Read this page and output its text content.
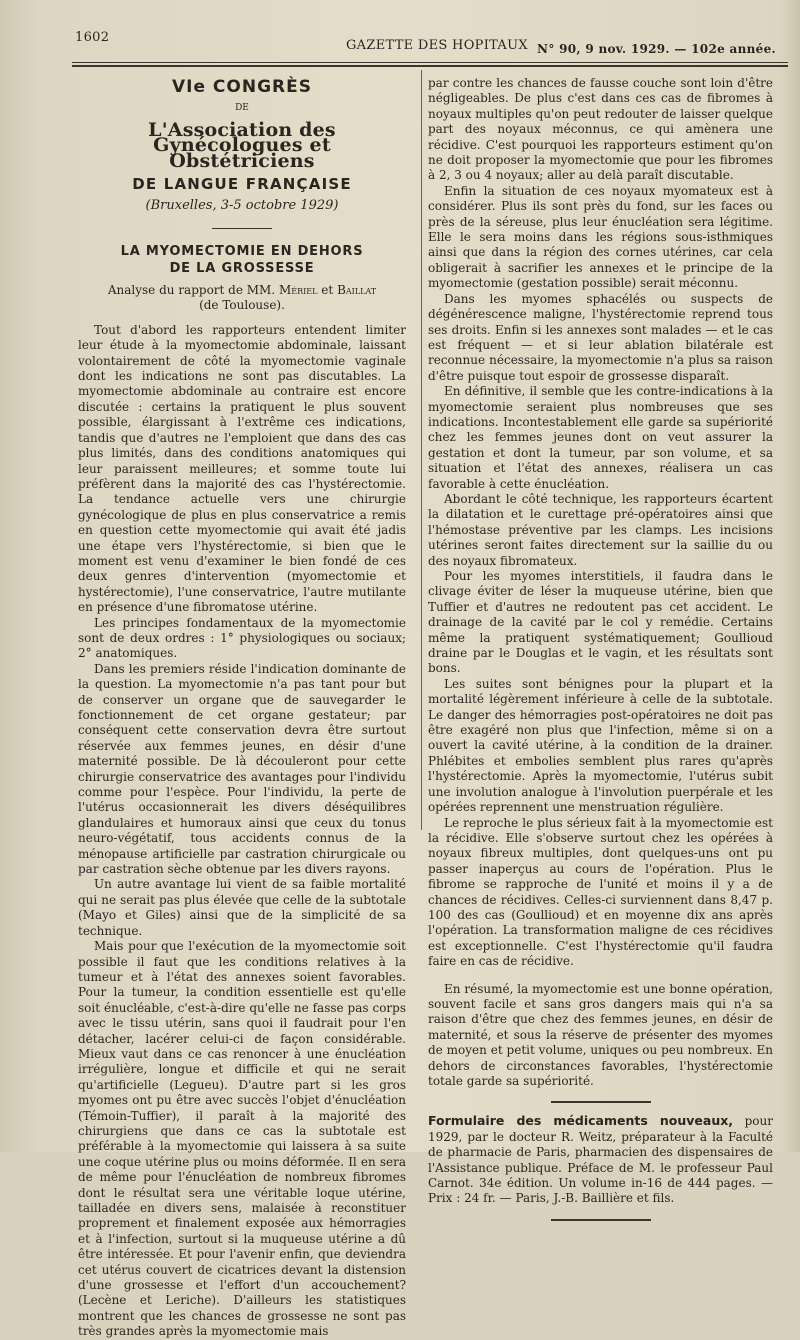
1602
GAZETTE DES HOPITAUX N° 90, 9 nov. 1929. — 102e année.
VIe CONGRÈS
DE
L'Association des Gynécologues et Obstétriciens
DE LANGUE FRANÇAISE
(Bruxelles, 3-5 octobre 1929)
LA MYOMECTOMIE EN DEHORS
DE LA GROSSESSE
Analyse du rapport de MM. Mériel et Baillat
(de Toulouse).

Tout d'abord les rapporteurs entendent limiter leur étude à la myomectomie abdominale, laissant volontairement de côté la myomectomie vaginale dont les indications ne sont pas discutables. La myomectomie abdominale au contraire est encore discutée : certains la pratiquent le plus souvent possible, élargissant à l'extrême ces indications, tandis que d'autres ne l'emploient que dans des cas plus limités, dans des conditions anatomiques qui leur paraissent meilleures; et somme toute lui préfèrent dans la majorité des cas l'hystérectomie. La tendance actuelle vers une chirurgie gynécologique de plus en plus conservatrice a remis en question cette myomectomie qui avait été jadis une étape vers l'hystérectomie, si bien que le moment est venu d'examiner le bien fondé de ces deux genres d'intervention (myomectomie et hystérectomie), l'une conservatrice, l'autre mutilante en présence d'une fibromatose utérine.

Les principes fondamentaux de la myomectomie sont de deux ordres : 1° physiologiques ou sociaux; 2° anatomiques.

Dans les premiers réside l'indication dominante de la question. La myomectomie n'a pas tant pour but de conserver un organe que de sauvegarder le fonctionnement de cet organe gestateur; par conséquent cette conservation devra être surtout réservée aux femmes jeunes, en désir d'une maternité possible. De là découleront pour cette chirurgie conservatrice des avantages pour l'individu comme pour l'espèce. Pour l'individu, la perte de l'utérus occasionnerait les divers déséquilibres glandulaires et humoraux ainsi que ceux du tonus neuro-végétatif, tous accidents connus de la ménopause artificielle par castration chirurgicale ou par castration sèche obtenue par les divers rayons.

Un autre avantage lui vient de sa faible mortalité qui ne serait pas plus élevée que celle de la subtotale (Mayo et Giles) ainsi que de la simplicité de sa technique.

Mais pour que l'exécution de la myomectomie soit possible il faut que les conditions relatives à la tumeur et à l'état des annexes soient favorables. Pour la tumeur, la condition essentielle est qu'elle soit énucléable, c'est-à-dire qu'elle ne fasse pas corps avec le tissu utérin, sans quoi il faudrait pour l'en détacher, lacérer celui-ci de façon considérable. Mieux vaut dans ce cas renoncer à une énucléation irrégulière, longue et difficile et qui ne serait qu'artificielle (Legueu). D'autre part si les gros myomes ont pu être avec succès l'objet d'énucléation (Témoin-Tuffier), il paraît à la majorité des chirurgiens que dans ce cas la subtotale est préférable à la myomectomie qui laissera à sa suite une coque utérine plus ou moins déformée. Il en sera de même pour l'énucléation de nombreux fibromes dont le résultat sera une véritable loque utérine, tailladée en divers sens, malaisée à reconstituer proprement et finalement exposée aux hémorragies et à l'infection, surtout si la muqueuse utérine a dû être intéressée. Et pour l'avenir enfin, que deviendra cet utérus couvert de cicatrices devant la distension d'une grossesse et l'effort d'un accouchement? (Lecène et Leriche). D'ailleurs les statistiques montrent que les chances de grossesse ne sont pas très grandes après la myomectomie mais

par contre les chances de fausse couche sont loin d'être négligeables. De plus c'est dans ces cas de fibromes à noyaux multiples qu'on peut redouter de laisser quelque part des noyaux méconnus, ce qui amènera une récidive. C'est pourquoi les rapporteurs estiment qu'on ne doit proposer la myomectomie que pour les fibromes à 2, 3 ou 4 noyaux; aller au delà paraît discutable.

Enfin la situation de ces noyaux myomateux est à considérer. Plus ils sont près du fond, sur les faces ou près de la séreuse, plus leur énucléation sera légitime. Elle le sera moins dans les régions sous-isthmiques ainsi que dans la région des cornes utérines, car cela obligerait à sacrifier les annexes et le principe de la myomectomie (gestation possible) serait méconnu.

Dans les myomes sphacélés ou suspects de dégénérescence maligne, l'hystérectomie reprend tous ses droits. Enfin si les annexes sont malades — et le cas est fréquent — et si leur ablation bilatérale est reconnue nécessaire, la myomectomie n'a plus sa raison d'être puisque tout espoir de grossesse disparaît.

En définitive, il semble que les contre-indications à la myomectomie seraient plus nombreuses que ses indications. Incontestablement elle garde sa supériorité chez les femmes jeunes dont on veut assurer la gestation et dont la tumeur, par son volume, et sa situation et l'état des annexes, réalisera un cas favorable à cette énucléation.

Abordant le côté technique, les rapporteurs écartent la dilatation et le curettage pré-opératoires ainsi que l'hémostase préventive par les clamps. Les incisions utérines seront faites directement sur la saillie du ou des noyaux fibromateux.

Pour les myomes interstitiels, il faudra dans le clivage éviter de léser la muqueuse utérine, bien que Tuffier et d'autres ne redoutent pas cet accident. Le drainage de la cavité par le col y remédie. Certains même la pratiquent systématiquement; Goullioud draine par le Douglas et le vagin, et les résultats sont bons.

Les suites sont bénignes pour la plupart et la mortalité légèrement inférieure à celle de la subtotale. Le danger des hémorragies post-opératoires ne doit pas être exagéré non plus que l'infection, même si on a ouvert la cavité utérine, à la condition de la drainer. Phlébites et embolies semblent plus rares qu'après l'hystérectomie. Après la myomectomie, l'utérus subit une involution analogue à l'involution puerpérale et les opérées reprennent une menstruation régulière.

Le reproche le plus sérieux fait à la myomectomie est la récidive. Elle s'observe surtout chez les opérées à noyaux fibreux multiples, dont quelques-uns ont pu passer inaperçus au cours de l'opération. Plus le fibrome se rapproche de l'unité et moins il y a de chances de récidives. Celles-ci surviennent dans 8,47 p. 100 des cas (Goullioud) et en moyenne dix ans après l'opération. La transformation maligne de ces récidives est exceptionnelle. C'est l'hystérectomie qu'il faudra faire en cas de récidive.

En résumé, la myomectomie est une bonne opération, souvent facile et sans gros dangers mais qui n'a sa raison d'être que chez des femmes jeunes, en désir de maternité, et sous la réserve de présenter des myomes de moyen et petit volume, uniques ou peu nombreux. En dehors de circonstances favorables, l'hystérectomie totale garde sa supériorité.

Formulaire des médicaments nouveaux, pour 1929, par le docteur R. Weitz, préparateur à la Faculté de pharmacie de Paris, pharmacien des dispensaires de l'Assistance publique. Préface de M. le professeur Paul Carnot. 34e édition. Un volume in-16 de 444 pages. — Prix : 24 fr. — Paris, J.-B. Baillière et fils.
